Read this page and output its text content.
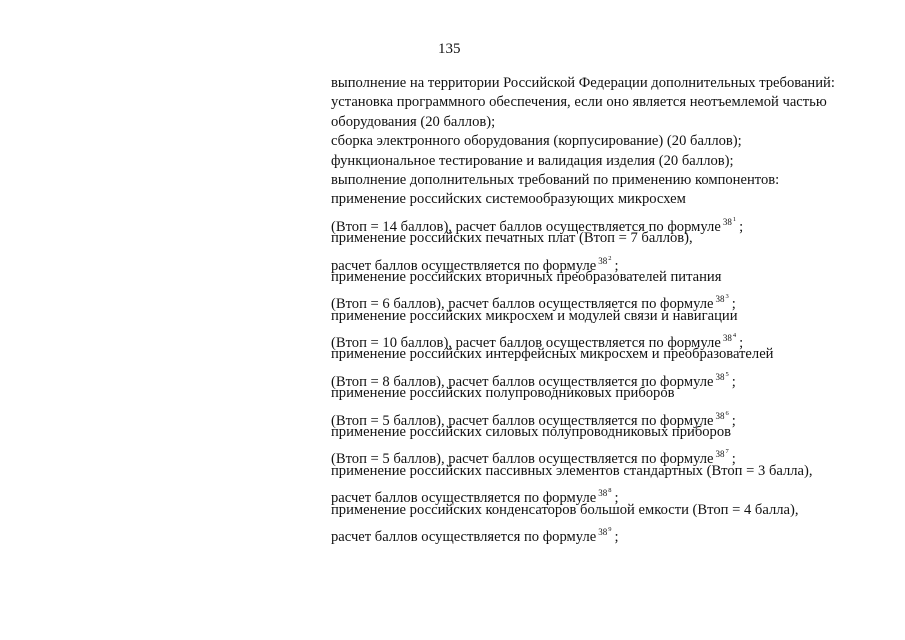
135
выполнение на территории Российской Федерации дополнительных требований:
установка программного обеспечения, если оно является неотъемлемой частью
оборудования (20 баллов);
сборка электронного оборудования (корпусирование) (20 баллов);
функциональное тестирование и валидация изделия (20 баллов);
выполнение дополнительных требований по применению компонентов:
применение российских системообразующих микросхем
(Втоп = 14 баллов), расчет баллов осуществляется по формуле $^{38^1}$ ;
применение российских печатных плат (Втоп = 7 баллов),
расчет баллов осуществляется по формуле $^{38^2}$ ;
применение российских вторичных преобразователей питания
(Втоп = 6 баллов), расчет баллов осуществляется по формуле $^{38^3}$ ;
применение российских микросхем и модулей связи и навигации
(Втоп = 10 баллов), расчет баллов осуществляется по формуле $^{38^4}$ ;
применение российских интерфейсных микросхем и преобразователей
(Втоп = 8 баллов), расчет баллов осуществляется по формуле $^{38^5}$ ;
применение российских полупроводниковых приборов
(Втоп = 5 баллов), расчет баллов осуществляется по формуле $^{38^6}$ ;
применение российских силовых полупроводниковых приборов
(Втоп = 5 баллов), расчет баллов осуществляется по формуле $^{38^7}$ ;
применение российских пассивных элементов стандартных (Втоп = 3 балла),
расчет баллов осуществляется по формуле $^{38^8}$ ;
применение российских конденсаторов большой емкости (Втоп = 4 балла),
расчет баллов осуществляется по формуле $^{38^9}$ ;
